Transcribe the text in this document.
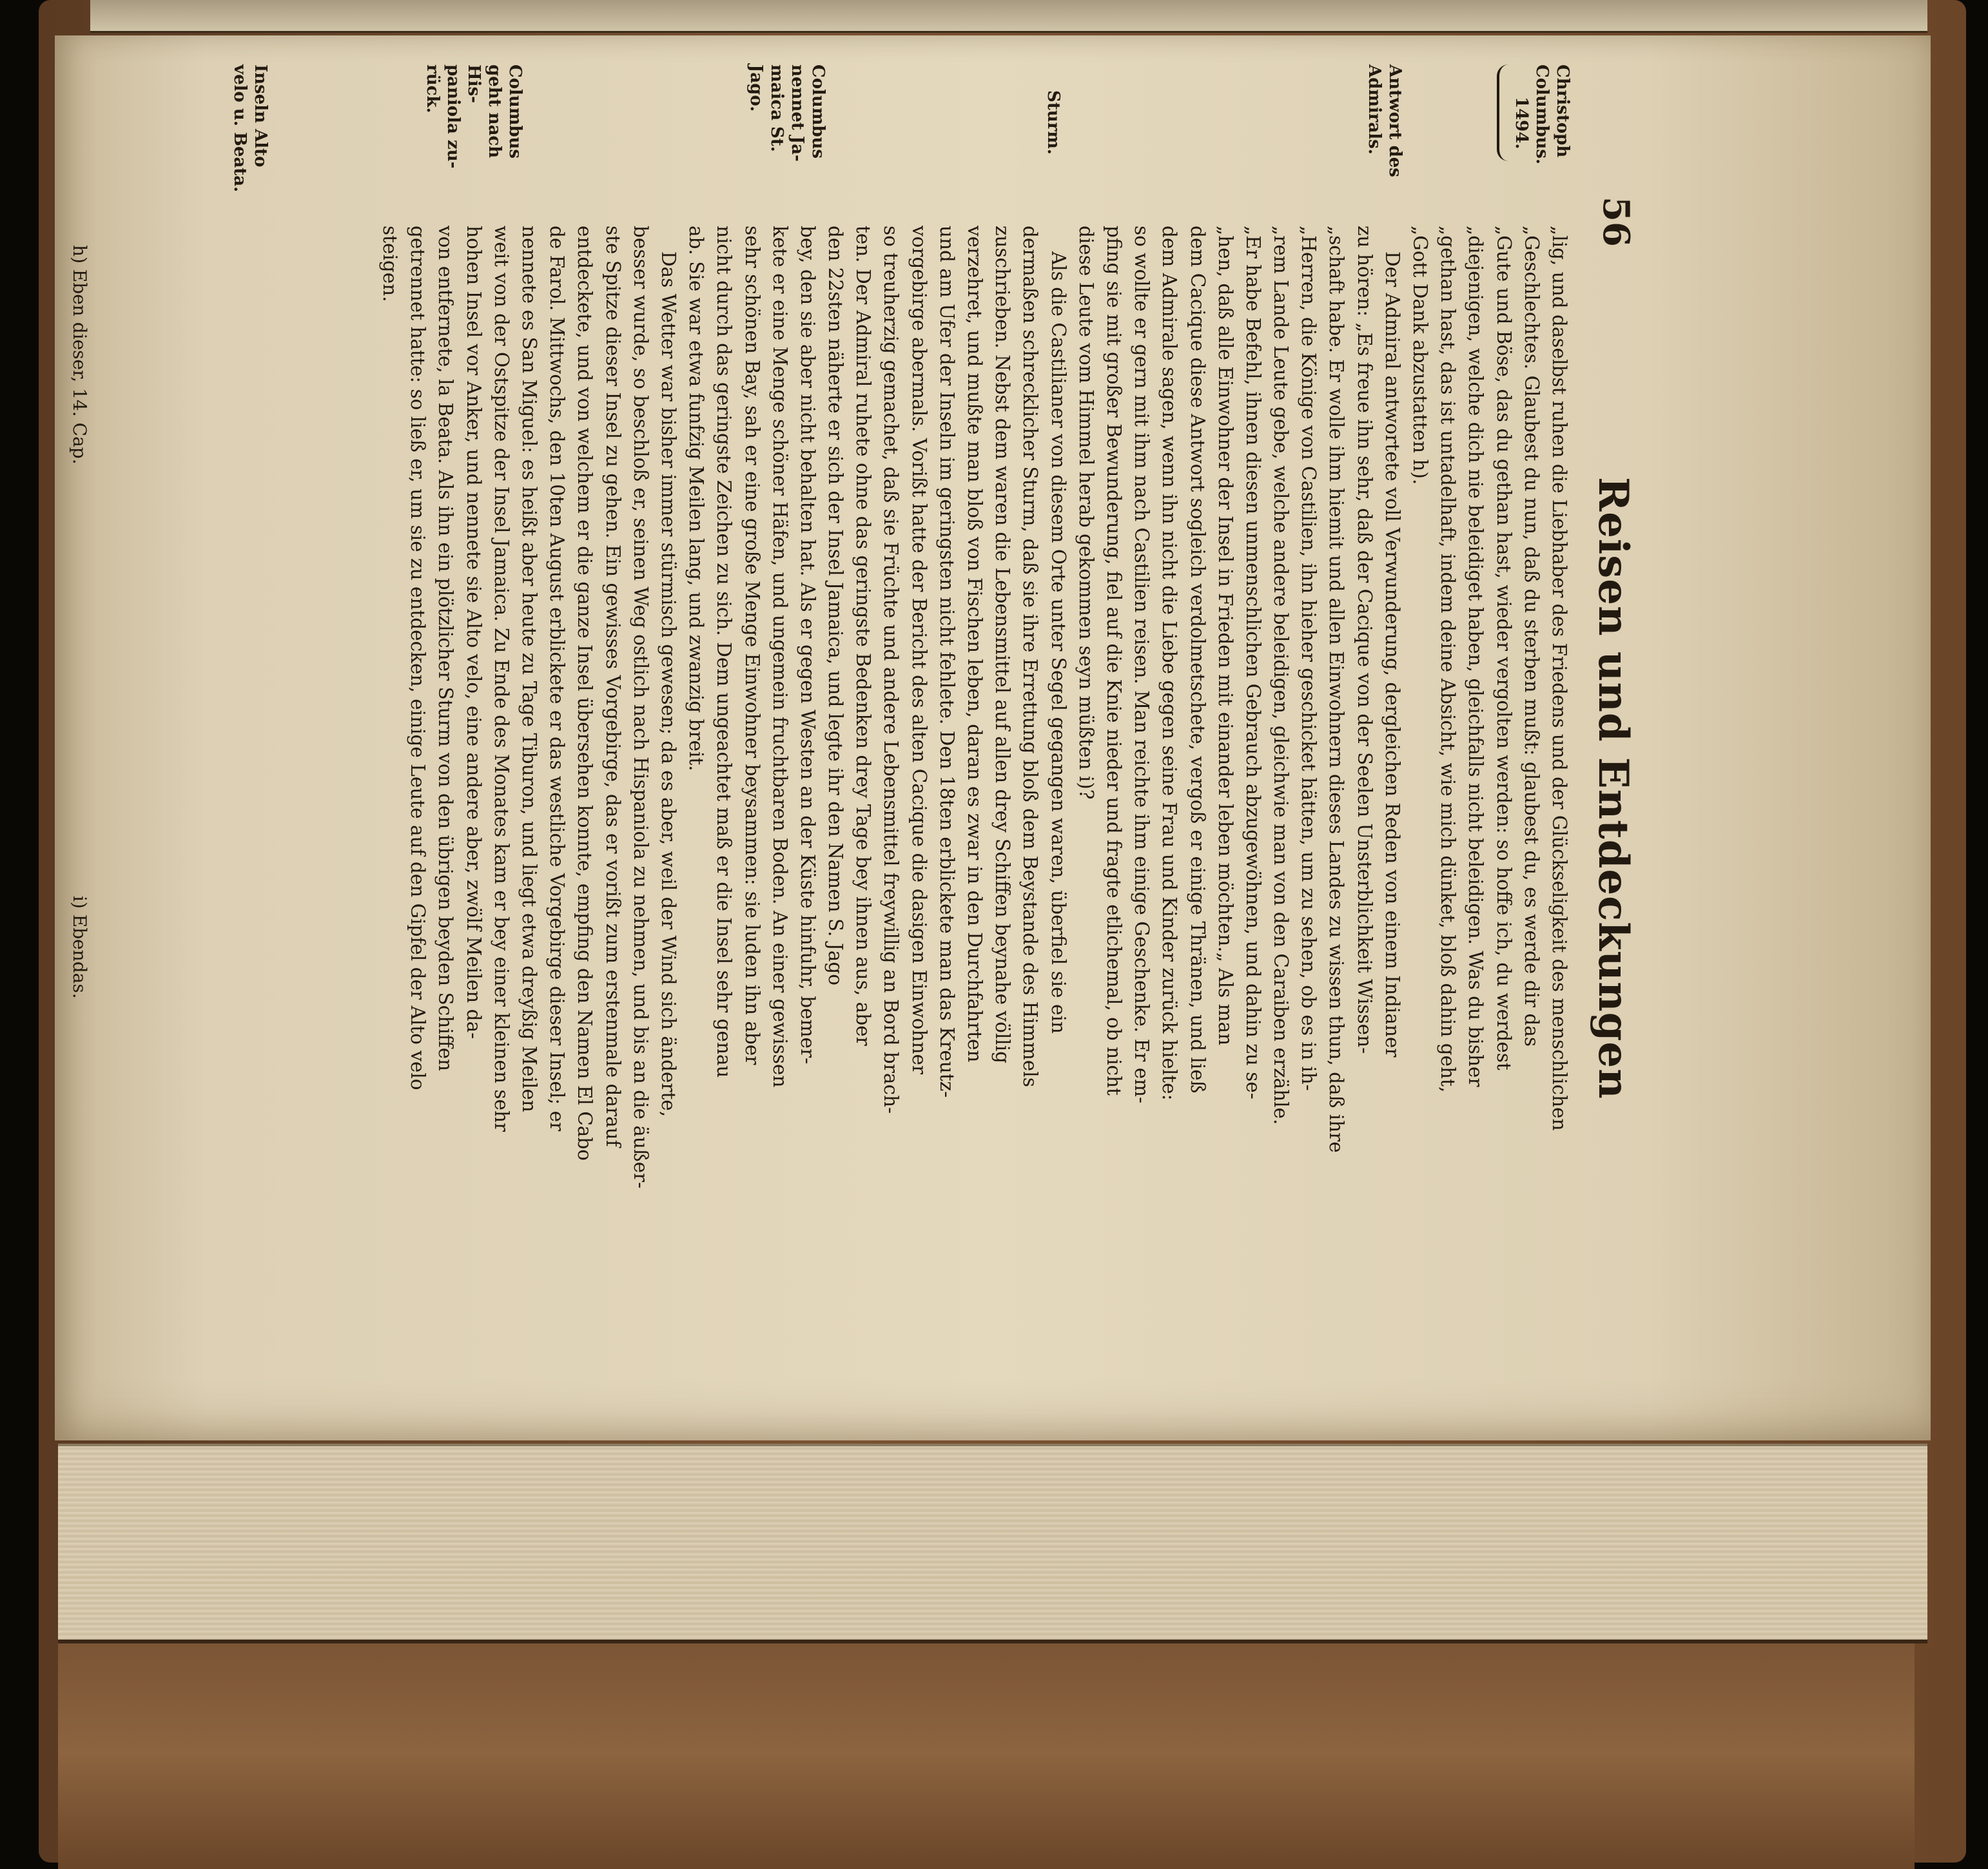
56
Reisen und Entdeckungen
Christoph
Columbus.
1494.
Antwort des
Admirals.
Sturm.
Columbus
nennet Ja-
maica St.
Jago.
Columbus
geht nach His-
paniola zu-
rück.
Inseln Alto
velo u. Beata.
„lig, und daselbst ruhen die Liebhaber des Friedens und der Glückseligkeit des menschlichen
„Geschlechtes. Glaubest du nun, daß du sterben mußt: glaubest du, es werde dir das
„Gute und Böse, das du gethan hast, wieder vergolten werden: so hoffe ich, du werdest
„diejenigen, welche dich nie beleidiget haben, gleichfalls nicht beleidigen. Was du bisher
„gethan hast, das ist untadelhaft, indem deine Absicht, wie mich dünket, bloß dahin geht,
„Gott Dank abzustatten h).
Der Admiral antwortete voll Verwunderung, dergleichen Reden von einem Indianer
zu hören: „Es freue ihn sehr, daß der Cacique von der Seelen Unsterblichkeit Wissen-
„schaft habe. Er wolle ihm hiemit und allen Einwohnern dieses Landes zu wissen thun, daß ihre
„Herren, die Könige von Castilien, ihn hieher geschicket hätten, um zu sehen, ob es in ih-
„rem Lande Leute gebe, welche andere beleidigen, gleichwie man von den Caraiben erzähle.
„Er habe Befehl, ihnen diesen unmenschlichen Gebrauch abzugewöhnen, und dahin zu se-
„hen, daß alle Einwohner der Insel in Frieden mit einander leben möchten.„ Als man
dem Cacique diese Antwort sogleich verdolmetschete, vergoß er einige Thränen, und ließ
dem Admirale sagen, wenn ihn nicht die Liebe gegen seine Frau und Kinder zurück hielte:
so wollte er gern mit ihm nach Castilien reisen. Man reichte ihm einige Geschenke. Er em-
pfing sie mit großer Bewunderung, fiel auf die Knie nieder und fragte etlichemal, ob nicht
diese Leute vom Himmel herab gekommen seyn müßten i)?
Als die Castilianer von diesem Orte unter Segel gegangen waren, überfiel sie ein
dermaßen schrecklicher Sturm, daß sie ihre Errettung bloß dem Beystande des Himmels
zuschrieben. Nebst dem waren die Lebensmittel auf allen drey Schiffen beynahe völlig
verzehret, und mußte man bloß von Fischen leben, daran es zwar in den Durchfahrten
und am Ufer der Inseln im geringsten nicht fehlete. Den 18ten erblickete man das Kreutz-
vorgebirge abermals. Vorißt hatte der Bericht des alten Cacique die dasigen Einwohner
so treuherzig gemachet, daß sie Früchte und andere Lebensmittel freywillig an Bord brach-
ten. Der Admiral ruhete ohne das geringste Bedenken drey Tage bey ihnen aus, aber
den 22sten näherte er sich der Insel Jamaica, und legte ihr den Namen S. Jago
bey, den sie aber nicht behalten hat. Als er gegen Westen an der Küste hinfuhr, bemer-
kete er eine Menge schöner Häfen, und ungemein fruchtbaren Boden. An einer gewissen
sehr schönen Bay, sah er eine große Menge Einwohner beysammen: sie luden ihn aber
nicht durch das geringste Zeichen zu sich. Dem ungeachtet maß er die Insel sehr genau
ab. Sie war etwa funfzig Meilen lang, und zwanzig breit.
Das Wetter war bisher immer stürmisch gewesen; da es aber, weil der Wind sich änderte,
besser wurde, so beschloß er, seinen Weg ostlich nach Hispaniola zu nehmen, und bis an die äußer-
ste Spitze dieser Insel zu gehen. Ein gewisses Vorgebirge, das er vorißt zum erstenmale darauf
entdeckete, und von welchem er die ganze Insel übersehen konnte, empfing den Namen El Cabo
de Farol. Mittwochs, den 10ten August erblickete er das westliche Vorgebirge dieser Insel; er
nennete es San Miguel: es heißt aber heute zu Tage Tiburon, und liegt etwa dreyßig Meilen
weit von der Ostspitze der Insel Jamaica. Zu Ende des Monates kam er bey einer kleinen sehr
hohen Insel vor Anker, und nennete sie Alto velo, eine andere aber, zwölf Meilen da-
von entfernete, la Beata. Als ihn ein plötzlicher Sturm von den übrigen beyden Schiffen
getrennet hatte: so ließ er, um sie zu entdecken, einige Leute auf den Gipfel der Alto velo
steigen.
h) Eben dieser, 14. Cap.
i) Ebendas.
